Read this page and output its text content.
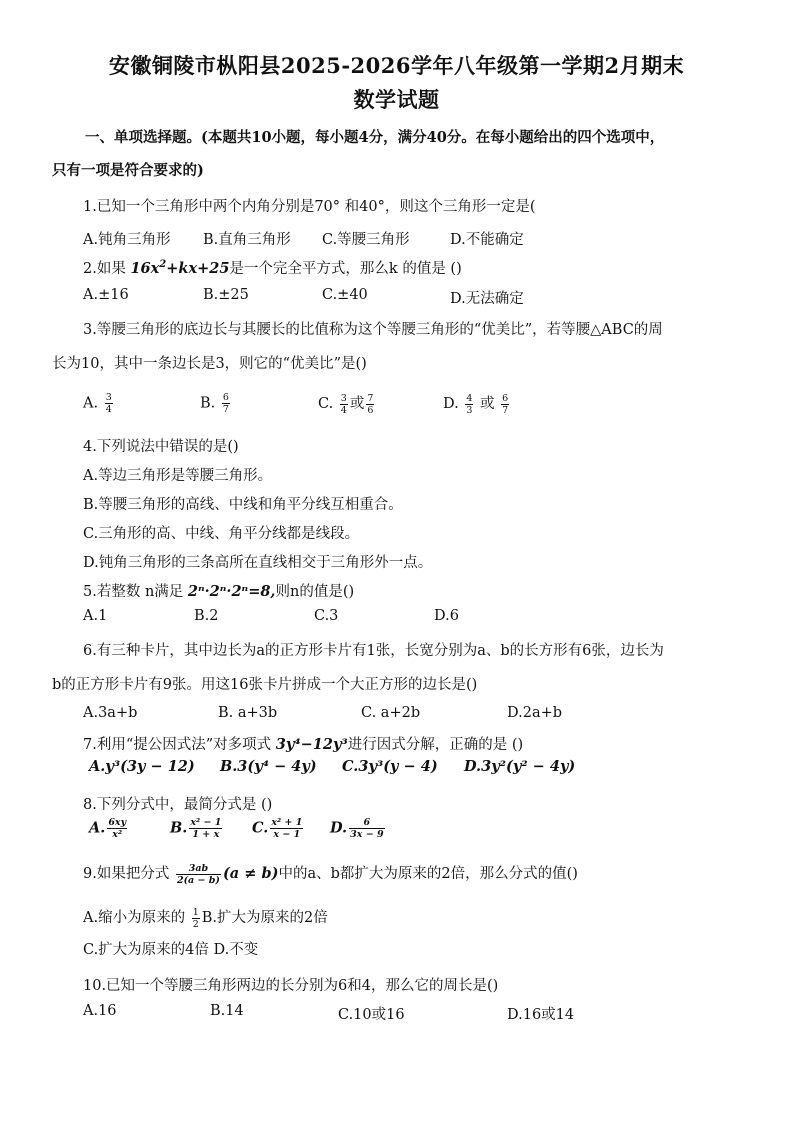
安徽铜陵市枞阳县2025-2026学年八年级第一学期2月期末
数学试题
一、单项选择题。(本题共10小题，每小题4分，满分40分。在每小题给出的四个选项中，
只有一项是符合要求的)
1.已知一个三角形中两个内角分别是70° 和40°，则这个三角形一定是(
A.钝角三角形 B.直角三角形 C.等腰三角形	D.不能确定
2.如果 $16x^2+kx+25$是一个完全平方式，那么k 的值是 ()
A.±16	B.±25	C.±40	D.无法确定
3.等腰三角形的底边长与其腰长的比值称为这个等腰三角形的“优美比”，若等腰△ABC的周
长为10，其中一条边长是3，则它的“优美比”是()
A. $\frac{3}{4}$	B. $\frac{6}{7}$	C. $\frac{3}{4}$ 或 $\frac{7}{6}$	D. $\frac{4}{3}$ 或 $\frac{6}{7}$
4.下列说法中错误的是()
A.等边三角形是等腰三角形。
B.等腰三角形的高线、中线和角平分线互相重合。
C.三角形的高、中线、角平分线都是线段。
D.钝角三角形的三条高所在直线相交于三角形外一点。
5.若整数 n满足 2ⁿ·2ⁿ·2ⁿ=8,则n的值是()
A.1	B.2	C.3	D.6
6.有三种卡片，其中边长为a的正方形卡片有1张，长宽分别为a、b的长方形有6张，边长为
b的正方形卡片有9张。用这16张卡片拼成一个大正方形的边长是()
A.3a+b	B. a+3b	C. a+2b	D.2a+b
7.利用“提公因式法”对多项式 3y⁴−12y³进行因式分解，正确的是 ()
A.y³(3y − 12) B.3(y⁴ − 4y) C.3y³(y − 4) D.3y²(y² − 4y)
8.下列分式中，最简分式是 ()
A. $\frac{6xy}{\text{x²}}$	B. $\frac{\text{x² − 1}}{1 + x} C$. $\frac{\text{x² + 1}}{x - 1} D$. $\frac{6}{3x - 9}$
9.如果把分式 $\frac{3ab}{2(a - b)} (a \ne b)$中的a、b都扩大为原来的2倍，那么分式的值()
A.缩小为原来的 $\frac{1}{2} B$.扩大为原来的2倍
C.扩大为原来的4倍 D.不变
10.已知一个等腰三角形两边的长分别为6和4，那么它的周长是()
A.16	B.14	C.10或16	D.16或14
